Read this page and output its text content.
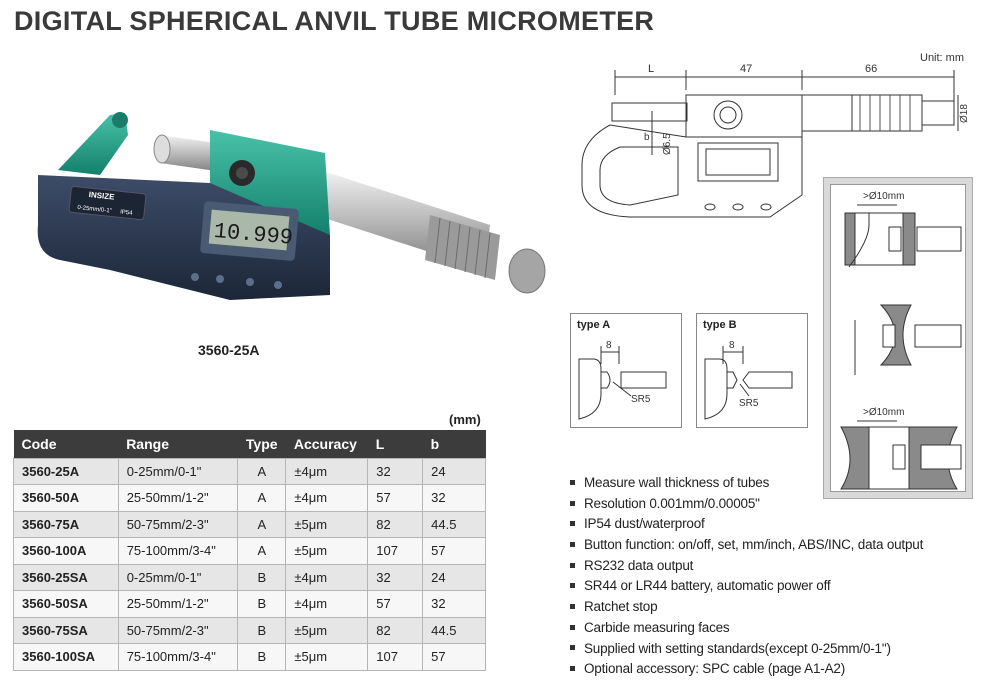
DIGITAL SPHERICAL ANVIL TUBE MICROMETER
Unit: mm
INSIZE
0-25mm/0-1" IP54
10.999
3560-25A
L	47	66
Ø18
b Ø6.5
type A
8
SR5
type B
8
SR5
>Ø10mm
>Ø10mm
(mm)
Code	Range	Type	Accuracy	L	b
3560-25A	0-25mm/0-1"	A	±4μm	32	24
3560-50A	25-50mm/1-2"	A	±4μm	57	32
3560-75A	50-75mm/2-3"	A	±5μm	82	44.5
3560-100A	75-100mm/3-4"	A	±5μm	107	57
3560-25SA	0-25mm/0-1"	B	±4μm	32	24
3560-50SA	25-50mm/1-2"	B	±4μm	57	32
3560-75SA	50-75mm/2-3"	B	±5μm	82	44.5
3560-100SA	75-100mm/3-4"	B	±5μm	107	57
Measure wall thickness of tubes
Resolution 0.001mm/0.00005"
IP54 dust/waterproof
Button function: on/off, set, mm/inch, ABS/INC, data output
RS232 data output
SR44 or LR44 battery, automatic power off
Ratchet stop
Carbide measuring faces
Supplied with setting standards(except 0-25mm/0-1")
Optional accessory: SPC cable (page A1-A2)
